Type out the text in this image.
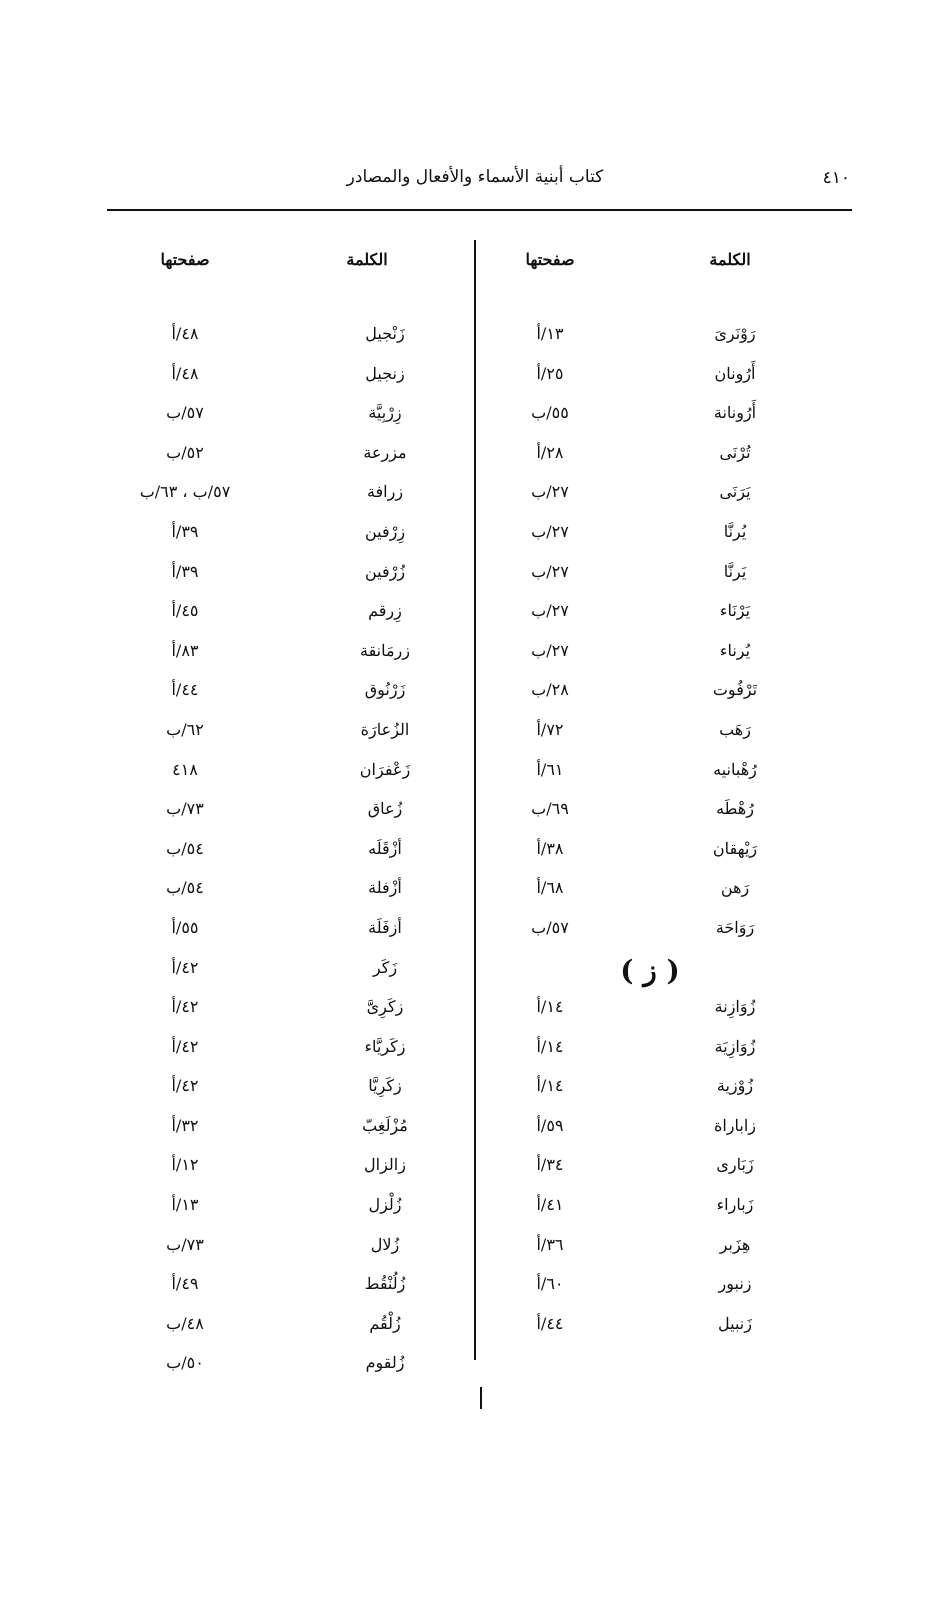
كتاب أبنية الأسماء والأفعال والمصادر	٤١٠
الكلمة
صفحتها
الكلمة
صفحتها
رَوْنَرىَ
١٣/أ
أَرُونان
٢٥/أ
أَرُونانة
٥٥/ب
تُرْنَى
٢٨/أ
يَرَنَى
٢٧/ب
يُرنَّا
٢٧/ب
يَرنَّا
٢٧/ب
يَرْنَاء
٢٧/ب
يُرناء
٢٧/ب
تَرْفُوت
٢٨/ب
رَهَب
٧٢/أ
رُهْبانيه
٦١/أ
رُهْطَه
٦٩/ب
رَيْهقان
٣٨/أ
رَهن
٦٨/أ
رَوَاحَة
٥٧/ب
( ز )
زُوَازِنة
١٤/أ
زُوَازِيَة
١٤/أ
زُوْزية
١٤/أ
زاباراة
٥٩/أ
زَبَارى
٣٤/أ
زَباراء
٤١/أ
هِزَبر
٣٦/أ
زنبور
٦٠/أ
زَنبيل
٤٤/أ
زَنْجيل
٤٨/أ
زنجيل
٤٨/أ
زِرْبِيَّة
٥٧/ب
مزرعة
٥٢/ب
زرافة
٥٧/ب ، ٦٣/ب
زِرْفين
٣٩/أ
زُرْفين
٣٩/أ
زِرقم
٤٥/أ
زرمَانقة
٨٣/أ
زَرْنُوق
٤٤/أ
الزُعارَة
٦٢/ب
زَعْفرَان
٤١٨
زُعاق
٧٣/ب
أزْقَلَه
٥٤/ب
أزْفلة
٥٤/ب
أزفَلَة
٥٥/أ
زَكَر
٤٢/أ
زكَرِىَّ
٤٢/أ
زكَريَّاء
٤٢/أ
زكَرِيَّا
٤٢/أ
مُزْلَغِبّ
٣٢/أ
زالزال
١٢/أ
زُلْزل
١٣/أ
زُلال
٧٣/ب
زُلُنْقُط
٤٩/أ
زُلْقُم
٤٨/ب
زُلقوم
٥٠/ب
